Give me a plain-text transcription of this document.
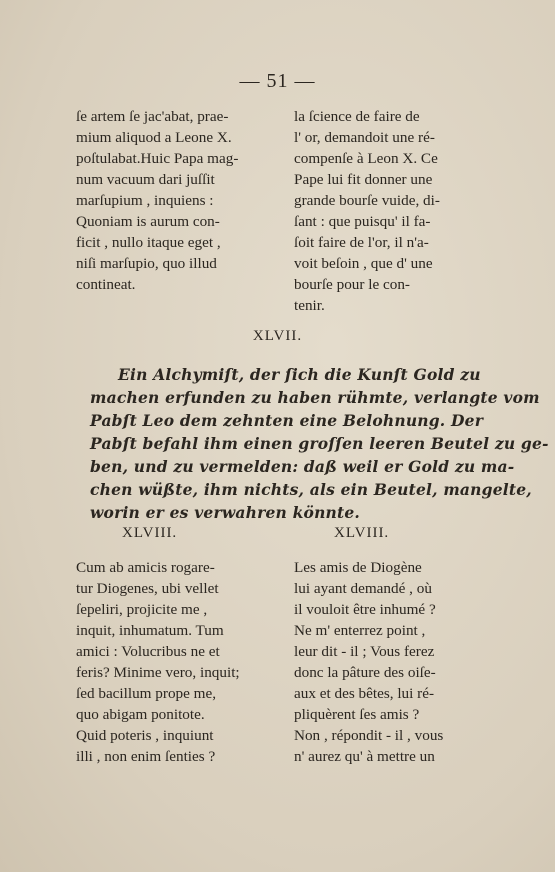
— 51 —
ſe artem ſe jac'abat, prae-
mium aliquod a Leone X.
poſtulabat.Huic Papa mag-
num vacuum dari juſſit
marſupium , inquiens :
Quoniam is aurum con-
ficit , nullo itaque eget ,
niſi marſupio, quo illud
contineat.
la ſcience de faire de
l' or, demandoit une ré-
compenſe à Leon X. Ce
Pape lui fit donner une
grande bourſe vuide, di-
ſant : que puisqu' il fa-
ſoit faire de l'or, il n'a-
voit beſoin , que d' une
bourſe pour le con-
tenir.
XLVII.
Ein Alchymiſt, der ſich die Kunſt Gold zu
machen erfunden zu haben rühmte, verlangte vom
Pabſt Leo dem zehnten eine Belohnung. Der
Pabſt befahl ihm einen groſſen leeren Beutel zu ge-
ben, und zu vermelden: daß weil er Gold zu ma-
chen wüßte, ihm nichts, als ein Beutel, mangelte,
worin er es verwahren könnte.
XLVIII.	XLVIII.
Cum ab amicis rogare-
tur Diogenes, ubi vellet
ſepeliri, projicite me ,
inquit, inhumatum. Tum
amici : Volucribus ne et
feris? Minime vero, inquit;
ſed bacillum prope me,
quo abigam ponitote.
Quid poteris , inquiunt
illi , non enim ſenties ?
Les amis de Diogène
lui ayant demandé , où
il vouloit être inhumé ?
Ne m' enterrez point ,
leur dit - il ; Vous ferez
donc la pâture des oiſe-
aux et des bêtes, lui ré-
pliquèrent ſes amis ?
Non , répondit - il , vous
n' aurez qu' à mettre un
